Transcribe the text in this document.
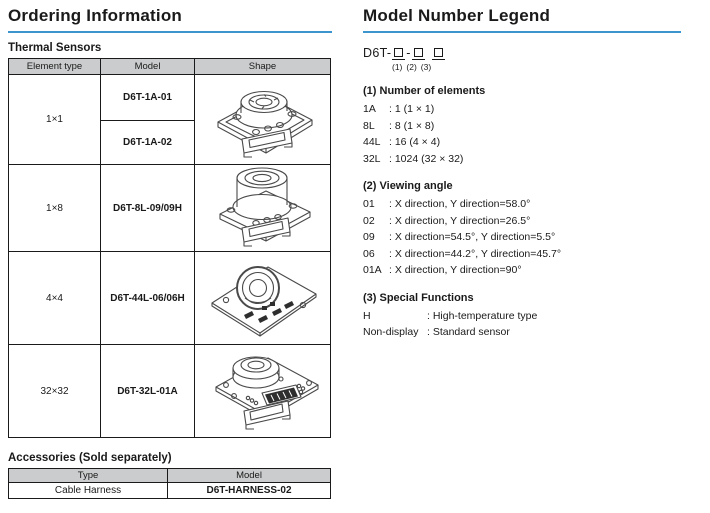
Ordering Information
Thermal Sensors
Element type	Model	Shape
1×1	D6T-1A-01	

	D6T-1A-02	
1×8	D6T-8L-09/09H	

4×4	D6T-44L-06/06H	

32×32	D6T-32L-01A	
Accessories (Sold separately)
Type	Model
Cable Harness	D6T-HARNESS-02
Model Number Legend
D6T- -
(1) (2) (3)
(1) Number of elements
1A	: 1 (1 × 1)
8L	: 8 (1 × 8)
44L : 16 (4 × 4)
32L : 1024 (32 × 32)
(2) Viewing angle
01	: X direction, Y direction=58.0°
02	: X direction, Y direction=26.5°
09	: X direction=54.5°, Y direction=5.5°
06	: X direction=44.2°, Y direction=45.7°
01A : X direction, Y direction=90°
(3) Special Functions
H	: High-temperature type
Non-display : Standard sensor
